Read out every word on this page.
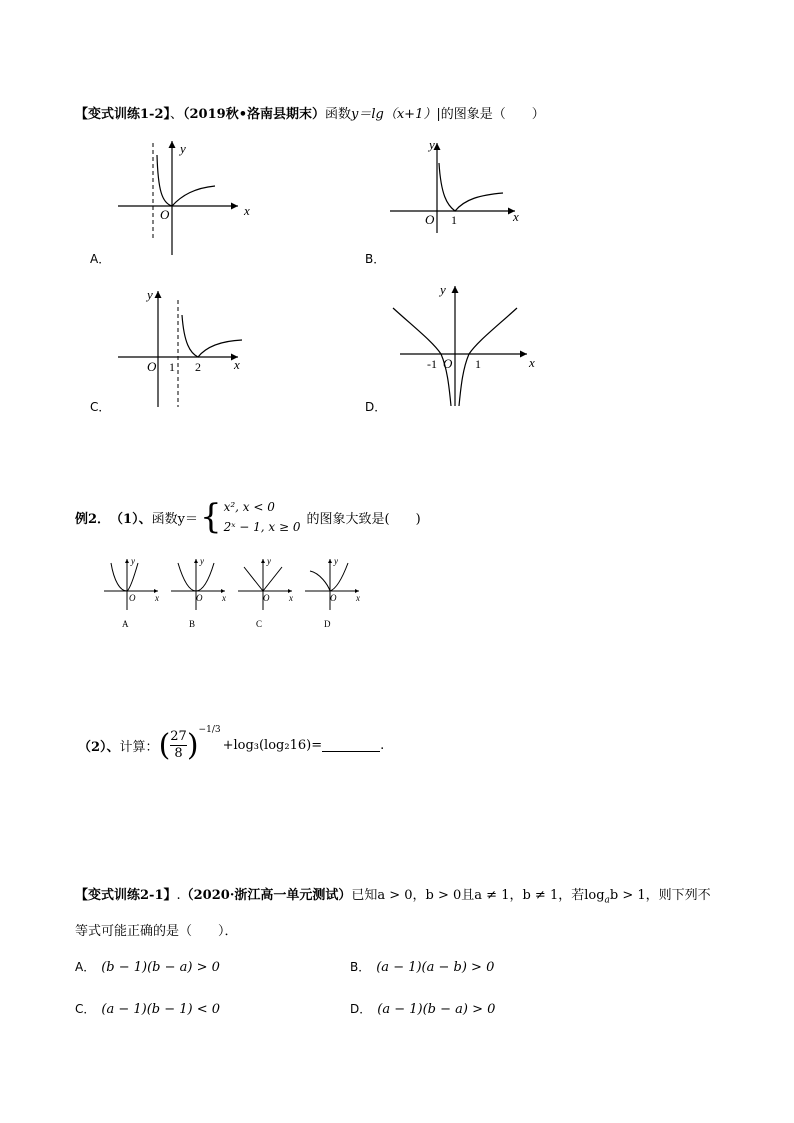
【变式训练1-2】、（2019秋•洛南县期末）函数y＝lg（x+1）|的图象是（　　）
y
x
O
A．
y
x
O 1
B．
y
x
O 1 2
C．
y
x
-1 O 1
D．
例2． （1）、 函数y＝ { x², x < 0
2ˣ − 1, x ≥ 0
的图象大致是(　　)
y
x
O
A
y
x
O
B
y
x
O
C
y
x
O
D
（2）、 计算： ( $\frac{27}{8}$ ) −1/3
+log₃(log₂16)=	.
【变式训练2-1】.（2020·浙江高一单元测试）已知a > 0，b > 0且a ≠ 1，b ≠ 1，若$\log_ab > 1$，则下列不
等式可能正确的是（　　）．
A． (b − 1)(b − a) > 0	B． (a − 1)(a − b) > 0
C． (a − 1)(b − 1) < 0	D． (a − 1)(b − a) > 0
